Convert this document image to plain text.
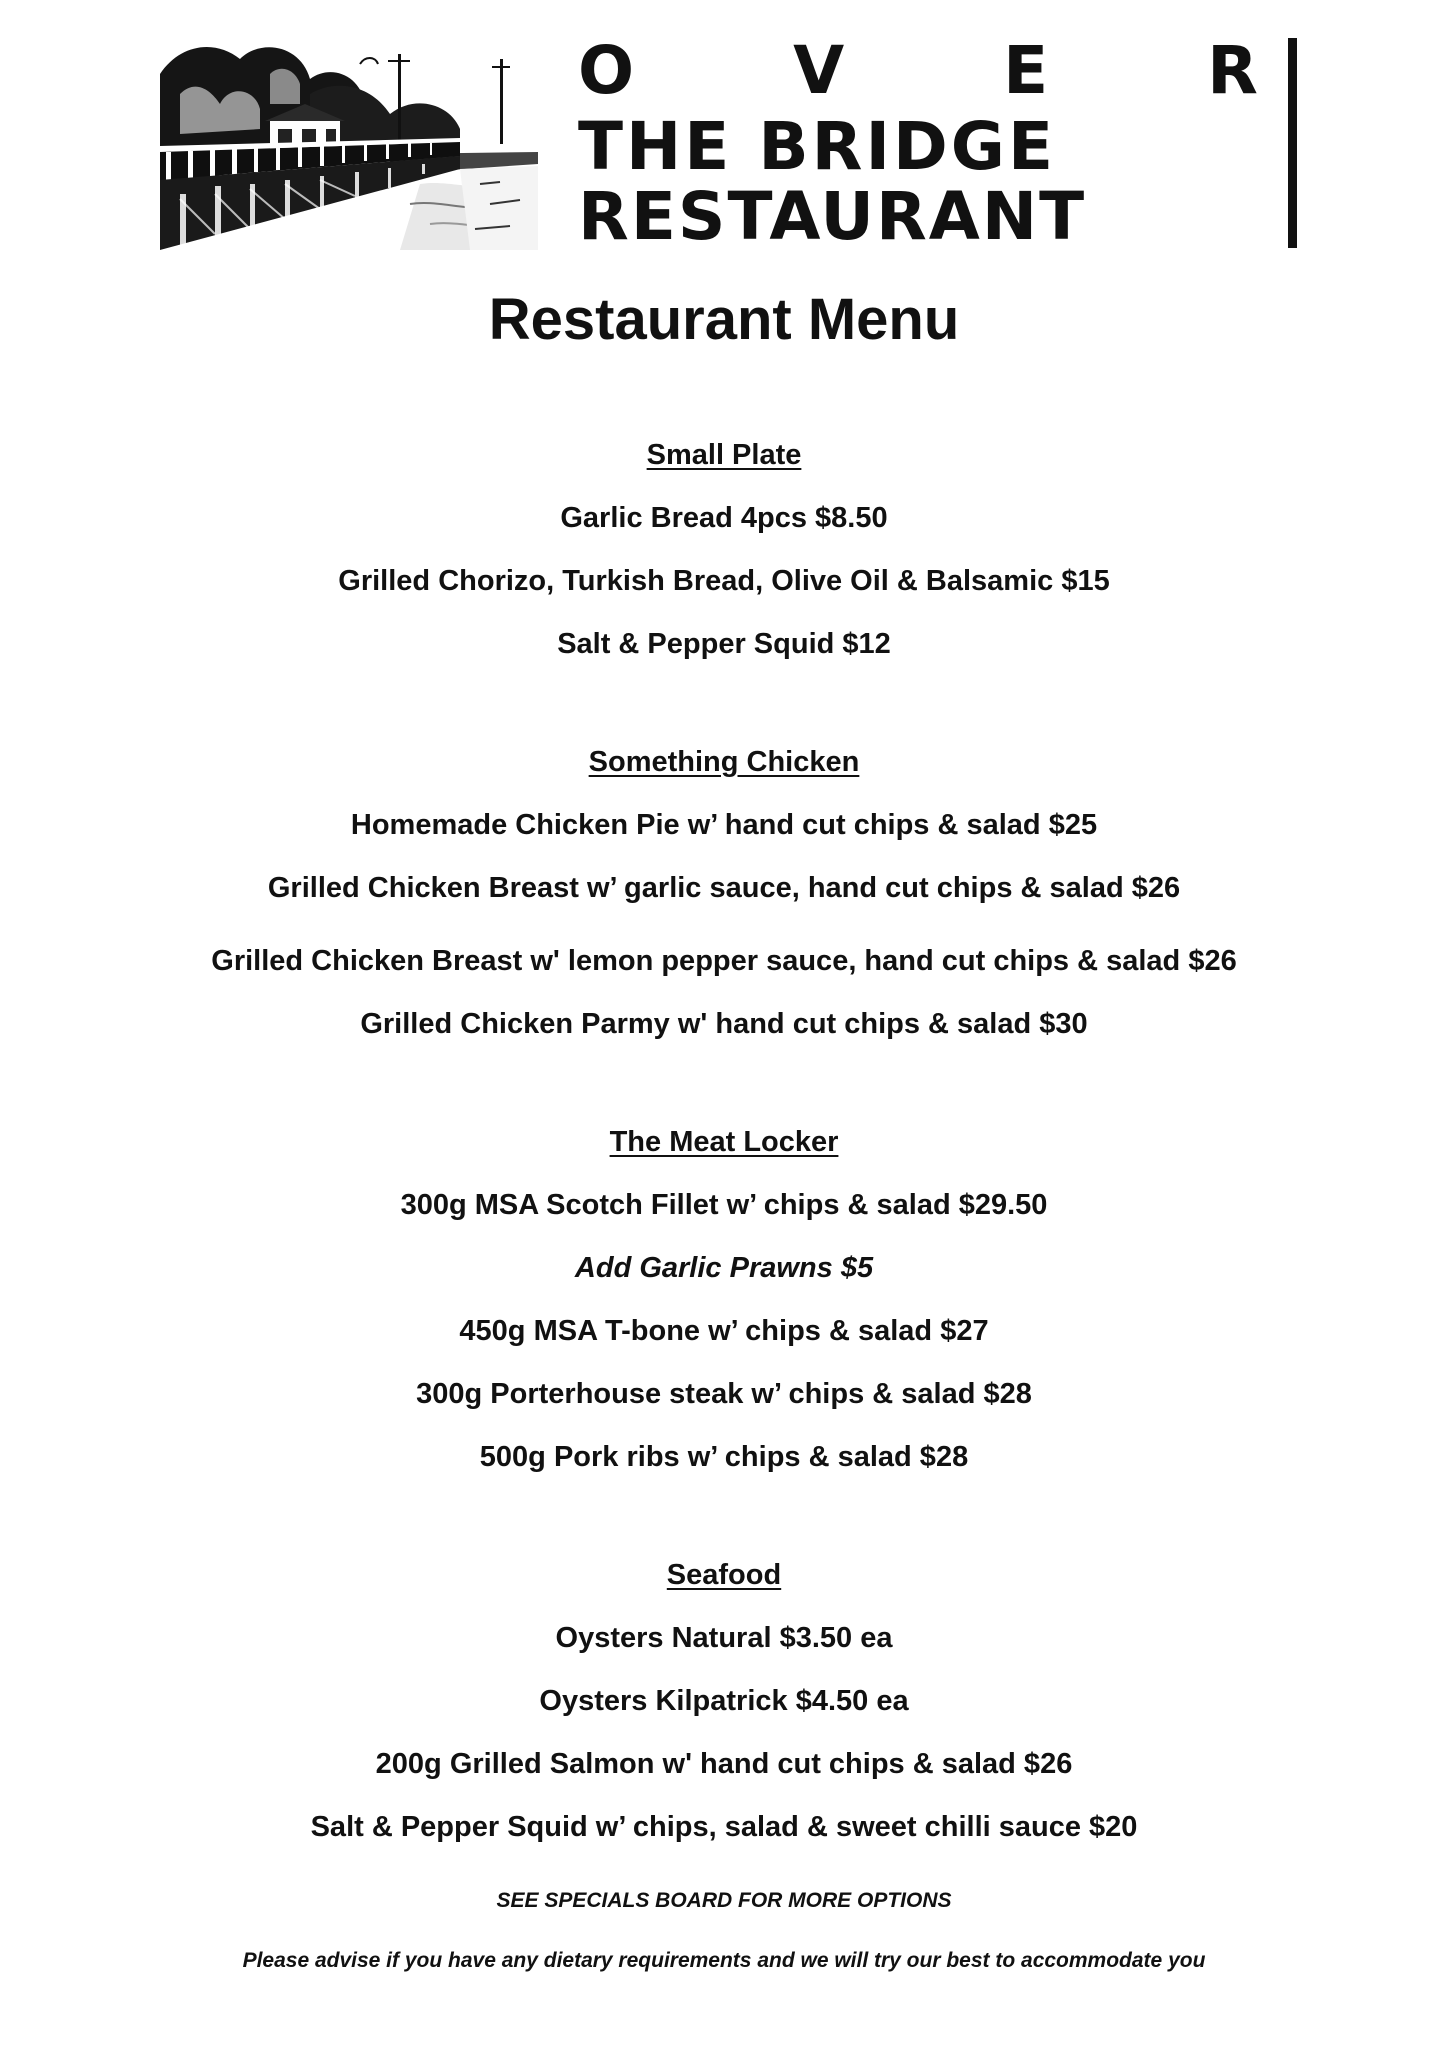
O V E R
THE BRIDGE
RESTAURANT
Restaurant Menu
Small Plate
Garlic Bread 4pcs $8.50
Grilled Chorizo, Turkish Bread, Olive Oil & Balsamic $15
Salt & Pepper Squid $12
Something Chicken
Homemade Chicken Pie w’ hand cut chips & salad $25
Grilled Chicken Breast w’ garlic sauce, hand cut chips & salad $26
Grilled Chicken Breast w' lemon pepper sauce, hand cut chips & salad $26
Grilled Chicken Parmy w' hand cut chips & salad $30
The Meat Locker
300g MSA Scotch Fillet w’ chips & salad $29.50
Add Garlic Prawns $5
450g MSA T-bone w’ chips & salad $27
300g Porterhouse steak w’ chips & salad $28
500g Pork ribs w’ chips & salad $28
Seafood
Oysters Natural $3.50 ea
Oysters Kilpatrick $4.50 ea
200g Grilled Salmon w' hand cut chips & salad $26
Salt & Pepper Squid w’ chips, salad & sweet chilli sauce $20
SEE SPECIALS BOARD FOR MORE OPTIONS
Please advise if you have any dietary requirements and we will try our best to accommodate you
